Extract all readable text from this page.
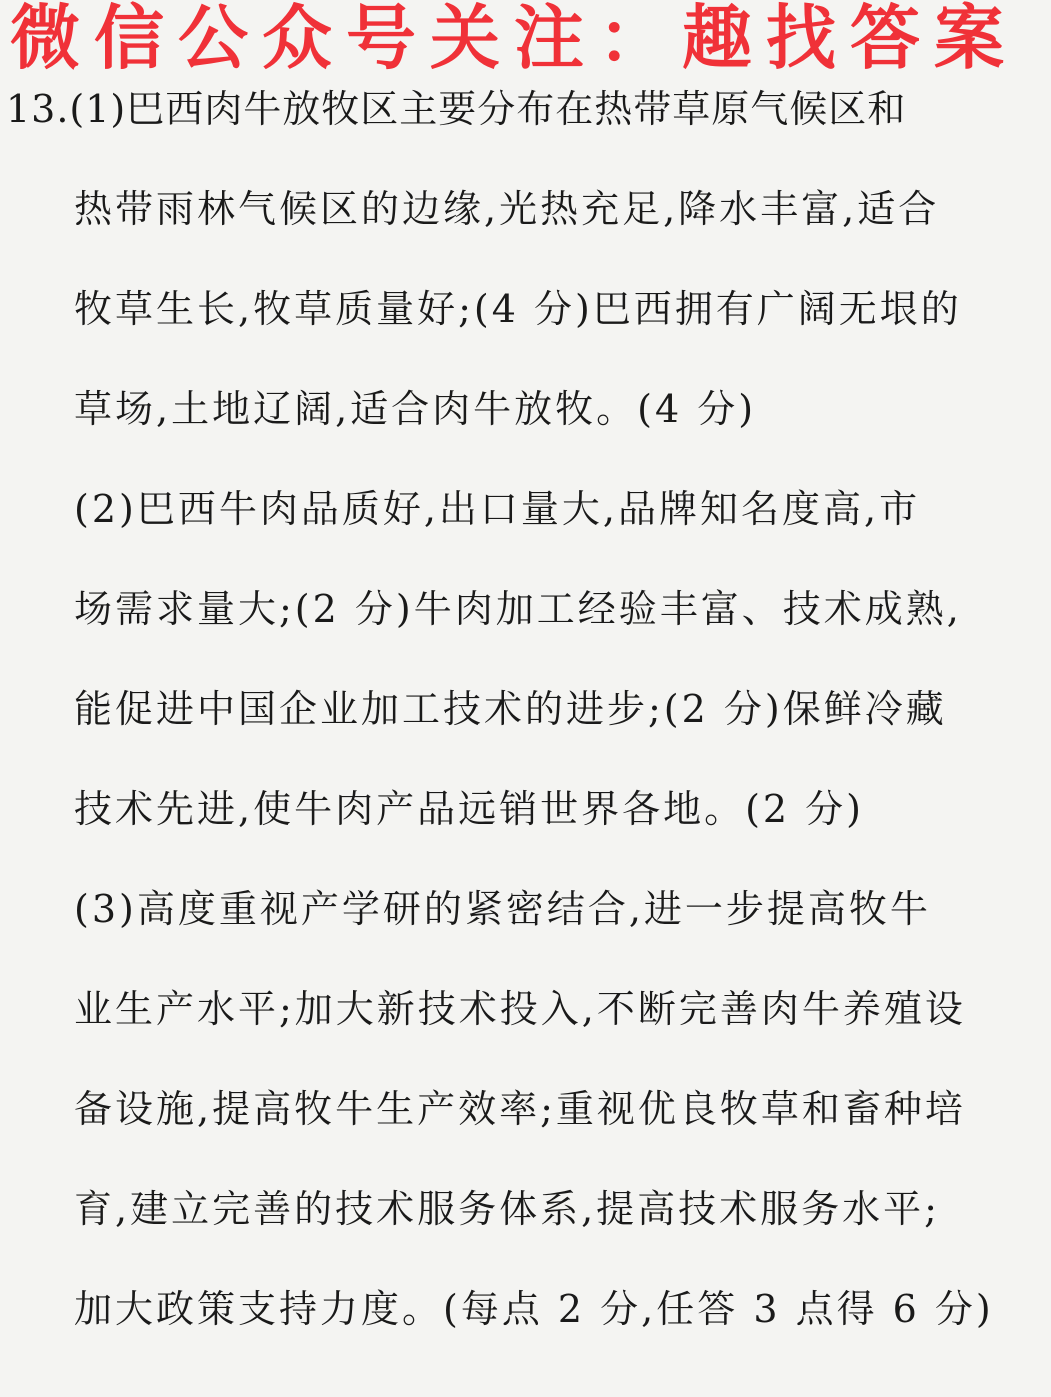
微信公众号关注：趣找答案
13.(1)巴西肉牛放牧区主要分布在热带草原气候区和
热带雨林气候区的边缘,光热充足,降水丰富,适合
牧草生长,牧草质量好;(4 分)巴西拥有广阔无垠的
草场,土地辽阔,适合肉牛放牧。(4 分)
(2)巴西牛肉品质好,出口量大,品牌知名度高,市
场需求量大;(2 分)牛肉加工经验丰富、技术成熟,
能促进中国企业加工技术的进步;(2 分)保鲜冷藏
技术先进,使牛肉产品远销世界各地。(2 分)
(3)高度重视产学研的紧密结合,进一步提高牧牛
业生产水平;加大新技术投入,不断完善肉牛养殖设
备设施,提高牧牛生产效率;重视优良牧草和畜种培
育,建立完善的技术服务体系,提高技术服务水平;
加大政策支持力度。(每点 2 分,任答 3 点得 6 分)
